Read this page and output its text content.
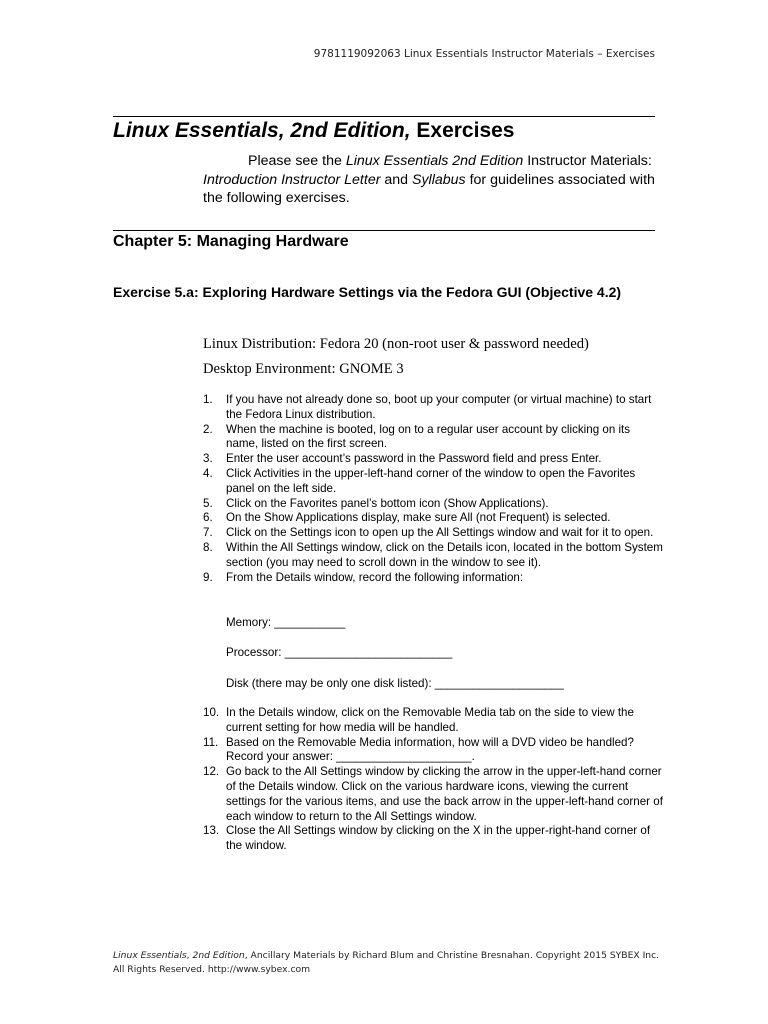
9781119092063 Linux Essentials Instructor Materials – Exercises
Linux Essentials, 2nd Edition, Exercises

Please see the Linux Essentials 2nd Edition Instructor Materials: Introduction Instructor Letter and Syllabus for guidelines associated with the following exercises.

Chapter 5: Managing Hardware
Exercise 5.a: Exploring Hardware Settings via the Fedora GUI (Objective 4.2)

Linux Distribution: Fedora 20 (non-root user & password needed)

Desktop Environment: GNOME 3

1.	If you have not already done so, boot up your computer (or virtual machine) to start the Fedora Linux distribution.
2.	When the machine is booted, log on to a regular user account by clicking on its name, listed on the first screen.
3.	Enter the user account’s password in the Password field and press Enter.
4.	Click Activities in the upper-left-hand corner of the window to open the Favorites panel on the left side.
5.	Click on the Favorites panel’s bottom icon (Show Applications).
6.	On the Show Applications display, make sure All (not Frequent) is selected.
7.	Click on the Settings icon to open up the All Settings window and wait for it to open.
8.	Within the All Settings window, click on the Details icon, located in the bottom System section (you may need to scroll down in the window to see it).
9.	From the Details window, record the following information:
Memory: ___________
Processor: __________________________
Disk (there may be only one disk listed): ____________________
10. In the Details window, click on the Removable Media tab on the side to view the current setting for how media will be handled.
11. Based on the Removable Media information, how will a DVD video be handled? Record your answer: _____________________.
12. Go back to the All Settings window by clicking the arrow in the upper-left-hand corner of the Details window. Click on the various hardware icons, viewing the current settings for the various items, and use the back arrow in the upper-left-hand corner of each window to return to the All Settings window.
13. Close the All Settings window by clicking on the X in the upper-right-hand corner of the window.
Linux Essentials, 2nd Edition, Ancillary Materials by Richard Blum and Christine Bresnahan. Copyright 2015 SYBEX Inc.
All Rights Reserved. http://www.sybex.com
